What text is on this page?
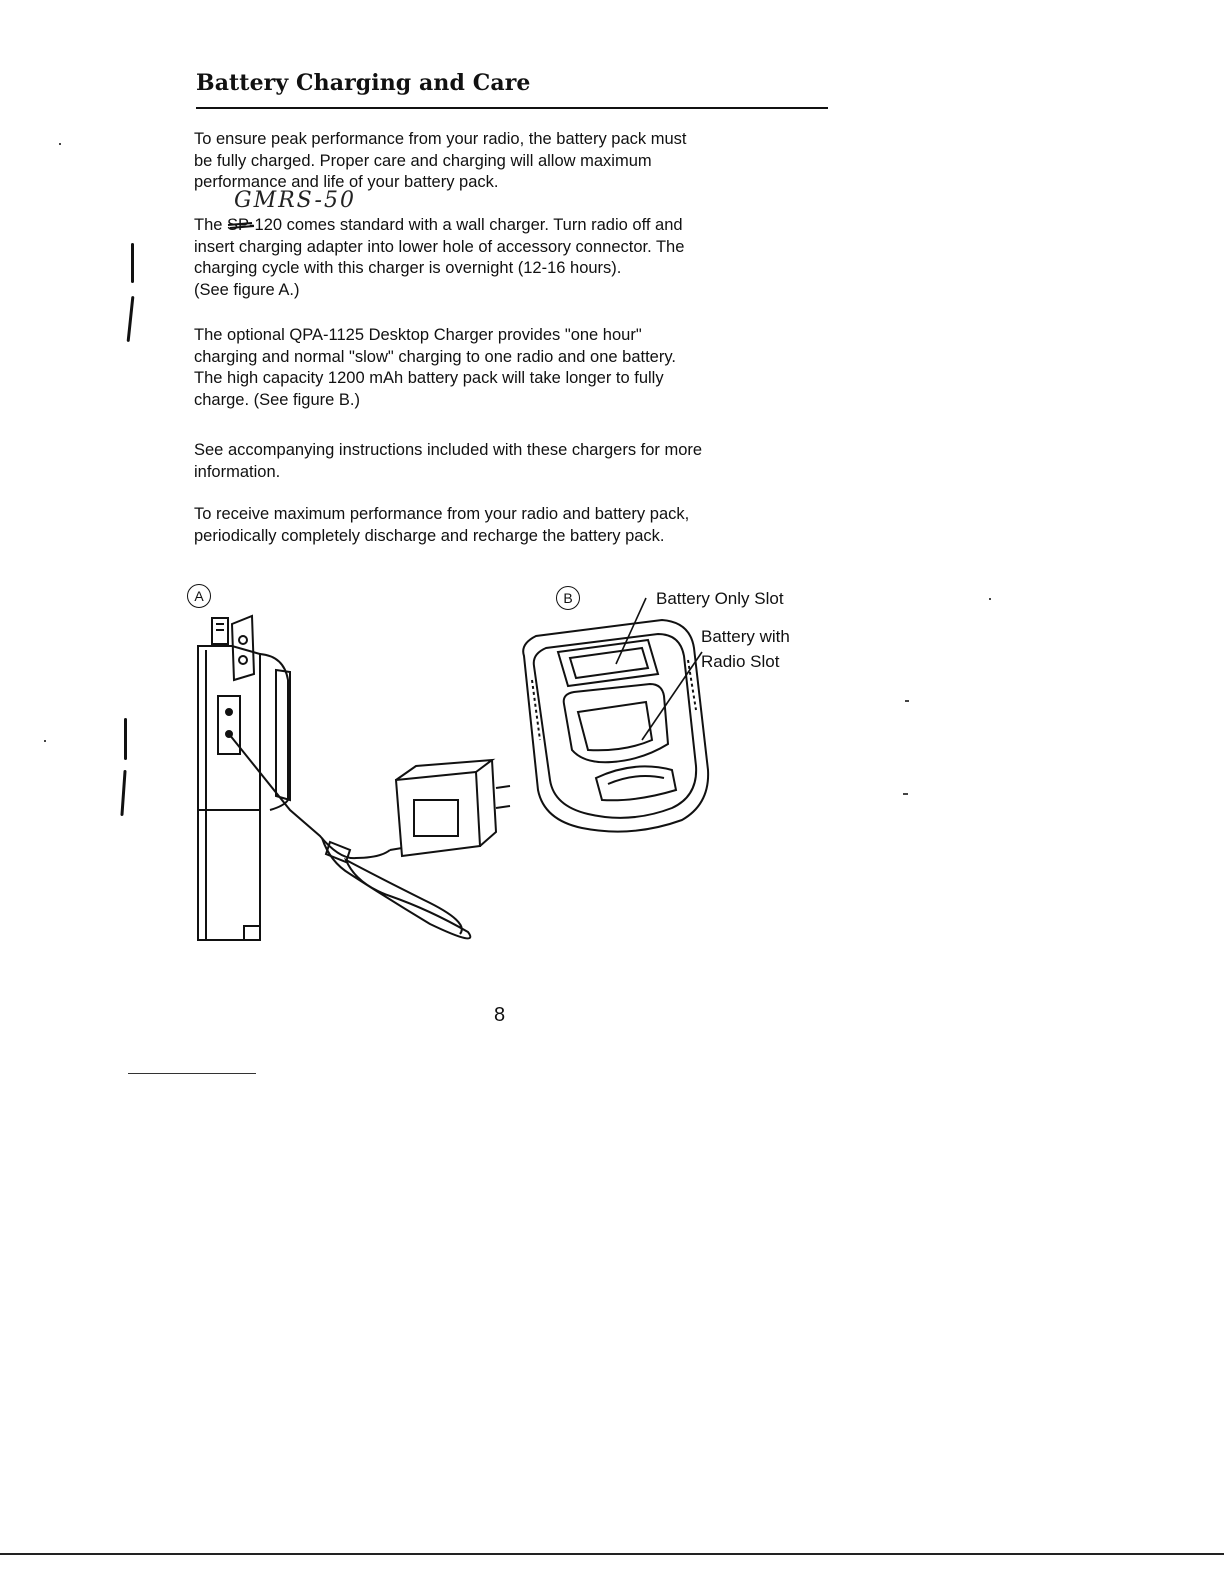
Battery Charging and Care

To ensure peak performance from your radio, the battery pack must
be fully charged. Proper care and charging will allow maximum
performance and life of your battery pack.

GMRS-50

The SP-120 comes standard with a wall charger. Turn radio off and
insert charging adapter into lower hole of accessory connector. The
charging cycle with this charger is overnight (12-16 hours).
(See figure A.)

The optional QPA-1125 Desktop Charger provides "one hour"
charging and normal "slow" charging to one radio and one battery.
The high capacity 1200 mAh battery pack will take longer to fully
charge. (See figure B.)

See accompanying instructions included with these chargers for more
information.

To receive maximum performance from your radio and battery pack,
periodically completely discharge and recharge the battery pack.

A	B	Battery Only Slot
Battery with
Radio Slot
8
